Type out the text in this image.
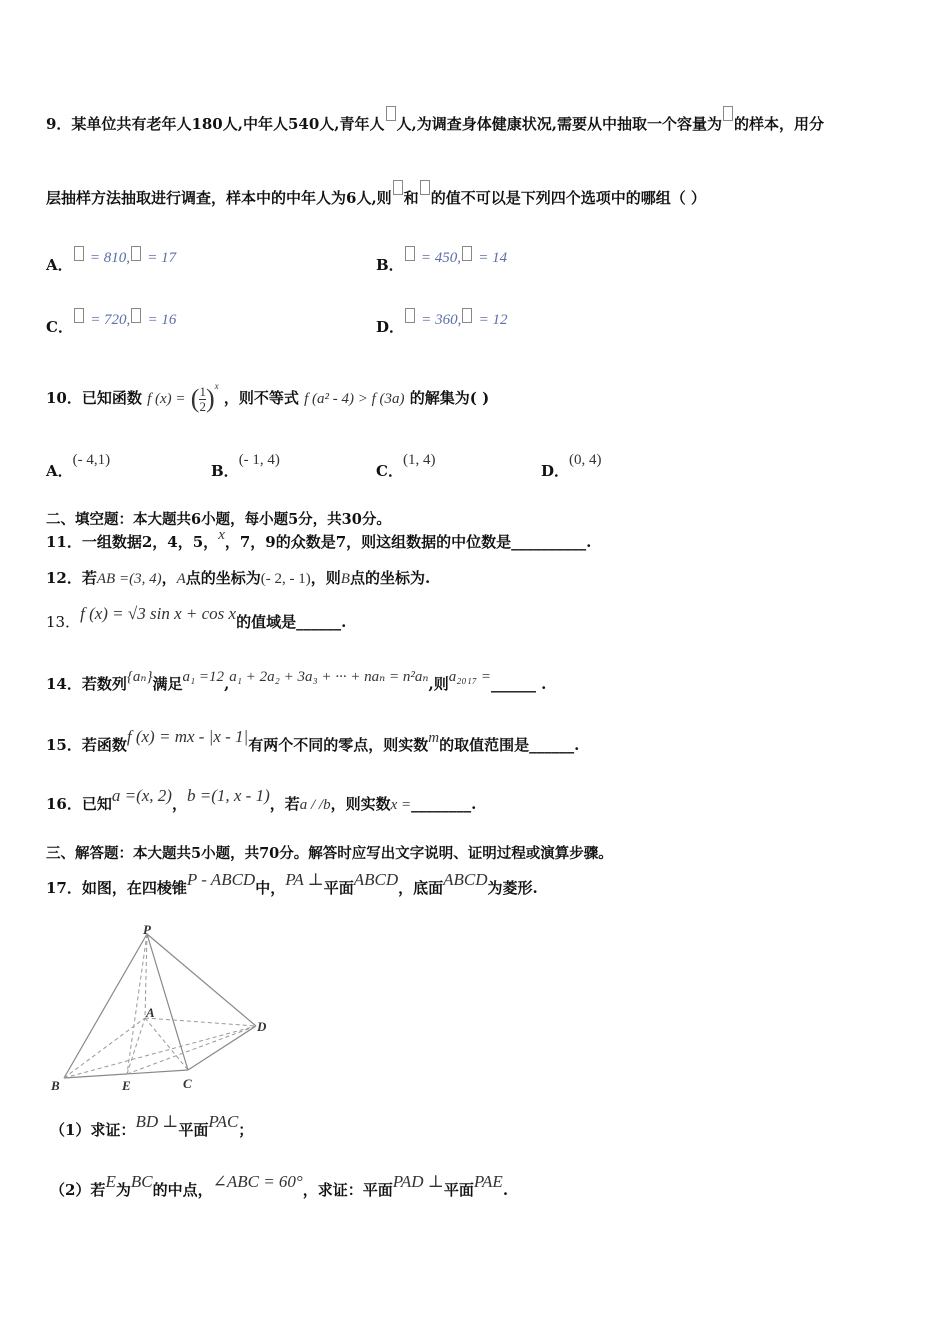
9．某单位共有老年人180人,中年人540人,青年人 人,为调查身体健康状况,需要从中抽取一个容量为 的样本，用分
层抽样方法抽取进行调查，样本中的中年人为6人,则 和 的值不可以是下列四个选项中的哪组（ ）
A． = 810, = 17	B． = 450, = 14
C． = 720, = 16	D． = 360, = 12
10．已知函数 f (x) = ( $\frac{1}{2} )^x$ ，则不等式 f (a² - 4) > f (3a) 的解集为( )
A．(- 4,1)
B．(- 1, 4)
C．(1, 4)
D．(0, 4)
二、填空题：本大题共6小题，每小题5分，共30分。
11．一组数据2，4，5，x，7，9的众数是7，则这组数据的中位数是__________.
12．若AB =(3, 4)，A点的坐标为(- 2, - 1)，则B点的坐标为.
13．f (x) = √3 sin x + cos x的值域是______.
14．若数列{aₙ}满足a₁ =12,a₁ + 2a₂ + 3a₃ + ··· + naₙ = n²aₙ,则a₂₀₁₇ =______ .
15．若函数f (x) = mx - |x - 1|有两个不同的零点，则实数m的取值范围是______.
16．已知a =(x, 2)，b =(1, x - 1)，若a / /b，则实数x =________.
三、解答题：本大题共5小题，共70分。解答时应写出文字说明、证明过程或演算步骤。
17．如图，在四棱锥P - ABCD中，PA ⊥平面ABCD，底面ABCD为菱形.
P
A
B	C
D
E
（1）求证：BD ⊥平面PAC；
（2）若E为BC的中点，∠ABC = 60°，求证：平面PAD ⊥平面PAE.
